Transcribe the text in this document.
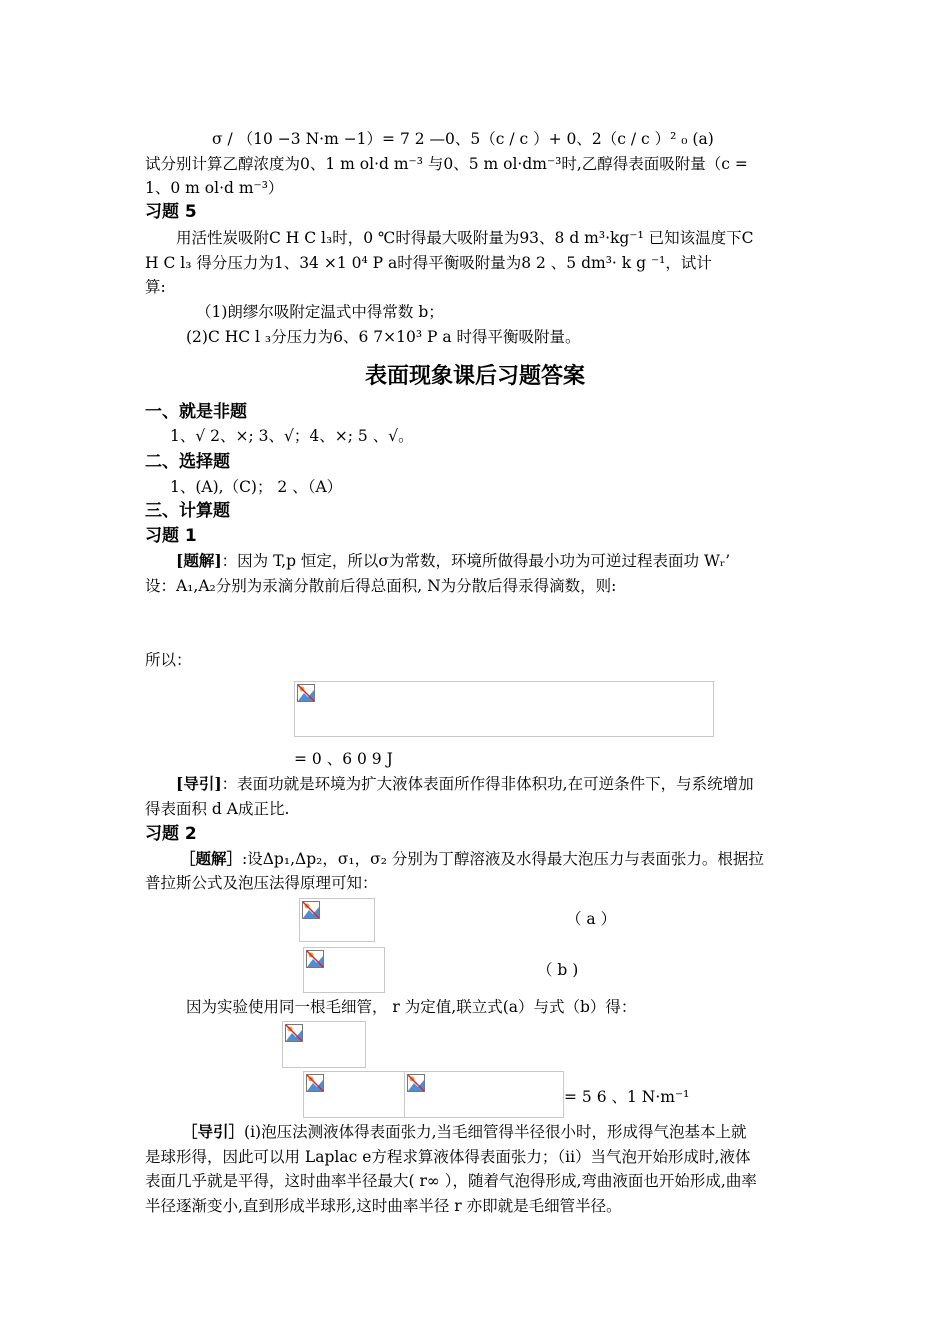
σ / （10 −3 N·m −1）= 7 2 —0、5（c / c ）+ 0、2（c / c ）² ₀ (a)
试分别计算乙醇浓度为0、1 m ol·d m⁻³ 与0、5 m ol·dm⁻³时,乙醇得表面吸附量（c =
1、0 m ol·d m⁻³）
习题 5
用活性炭吸附C H C l₃时，0 ℃时得最大吸附量为93、8 d m³·kg⁻¹ 已知该温度下C
H C l₃ 得分压力为1、34 ×1 0⁴ P a时得平衡吸附量为8 2 、5 dm³· k g ⁻¹，试计
算:
（1)朗缪尔吸附定温式中得常数 b；
(2)C HC l ₃分压力为6、6 7×10³ P a 时得平衡吸附量。
表面现象课后习题答案
一、就是非题
1、√ 2、×; 3、√；4、×; 5 、√。
二、选择题
1、(A),（C)； 2 、（A）
三、计算题
习题 1
[题解]：因为 T,p 恒定，所以σ为常数，环境所做得最小功为可逆过程表面功 Wᵣ’
设：A₁,A₂分别为汞滴分散前后得总面积, N为分散后得汞得滴数，则:
所以：
= 0 、6 0 9 J
[导引]：表面功就是环境为扩大液体表面所作得非体积功,在可逆条件下，与系统增加
得表面积 d A成正比.
习题 2
［题解］:设Δp₁,Δp₂，σ₁，σ₂ 分别为丁醇溶液及水得最大泡压力与表面张力。根据拉
普拉斯公式及泡压法得原理可知：
（ a ）
（ b )
因为实验使用同一根毛细管， r 为定值,联立式(a）与式（b）得：
= 5 6 、1 N·m⁻¹
［导引］(i)泡压法测液体得表面张力,当毛细管得半径很小时，形成得气泡基本上就
是球形得，因此可以用 Laplac e方程求算液体得表面张力；（ii）当气泡开始形成时,液体
表面几乎就是平得，这时曲率半径最大( r∞ ），随着气泡得形成,弯曲液面也开始形成,曲率
半径逐渐变小,直到形成半球形,这时曲率半径 r 亦即就是毛细管半径。
